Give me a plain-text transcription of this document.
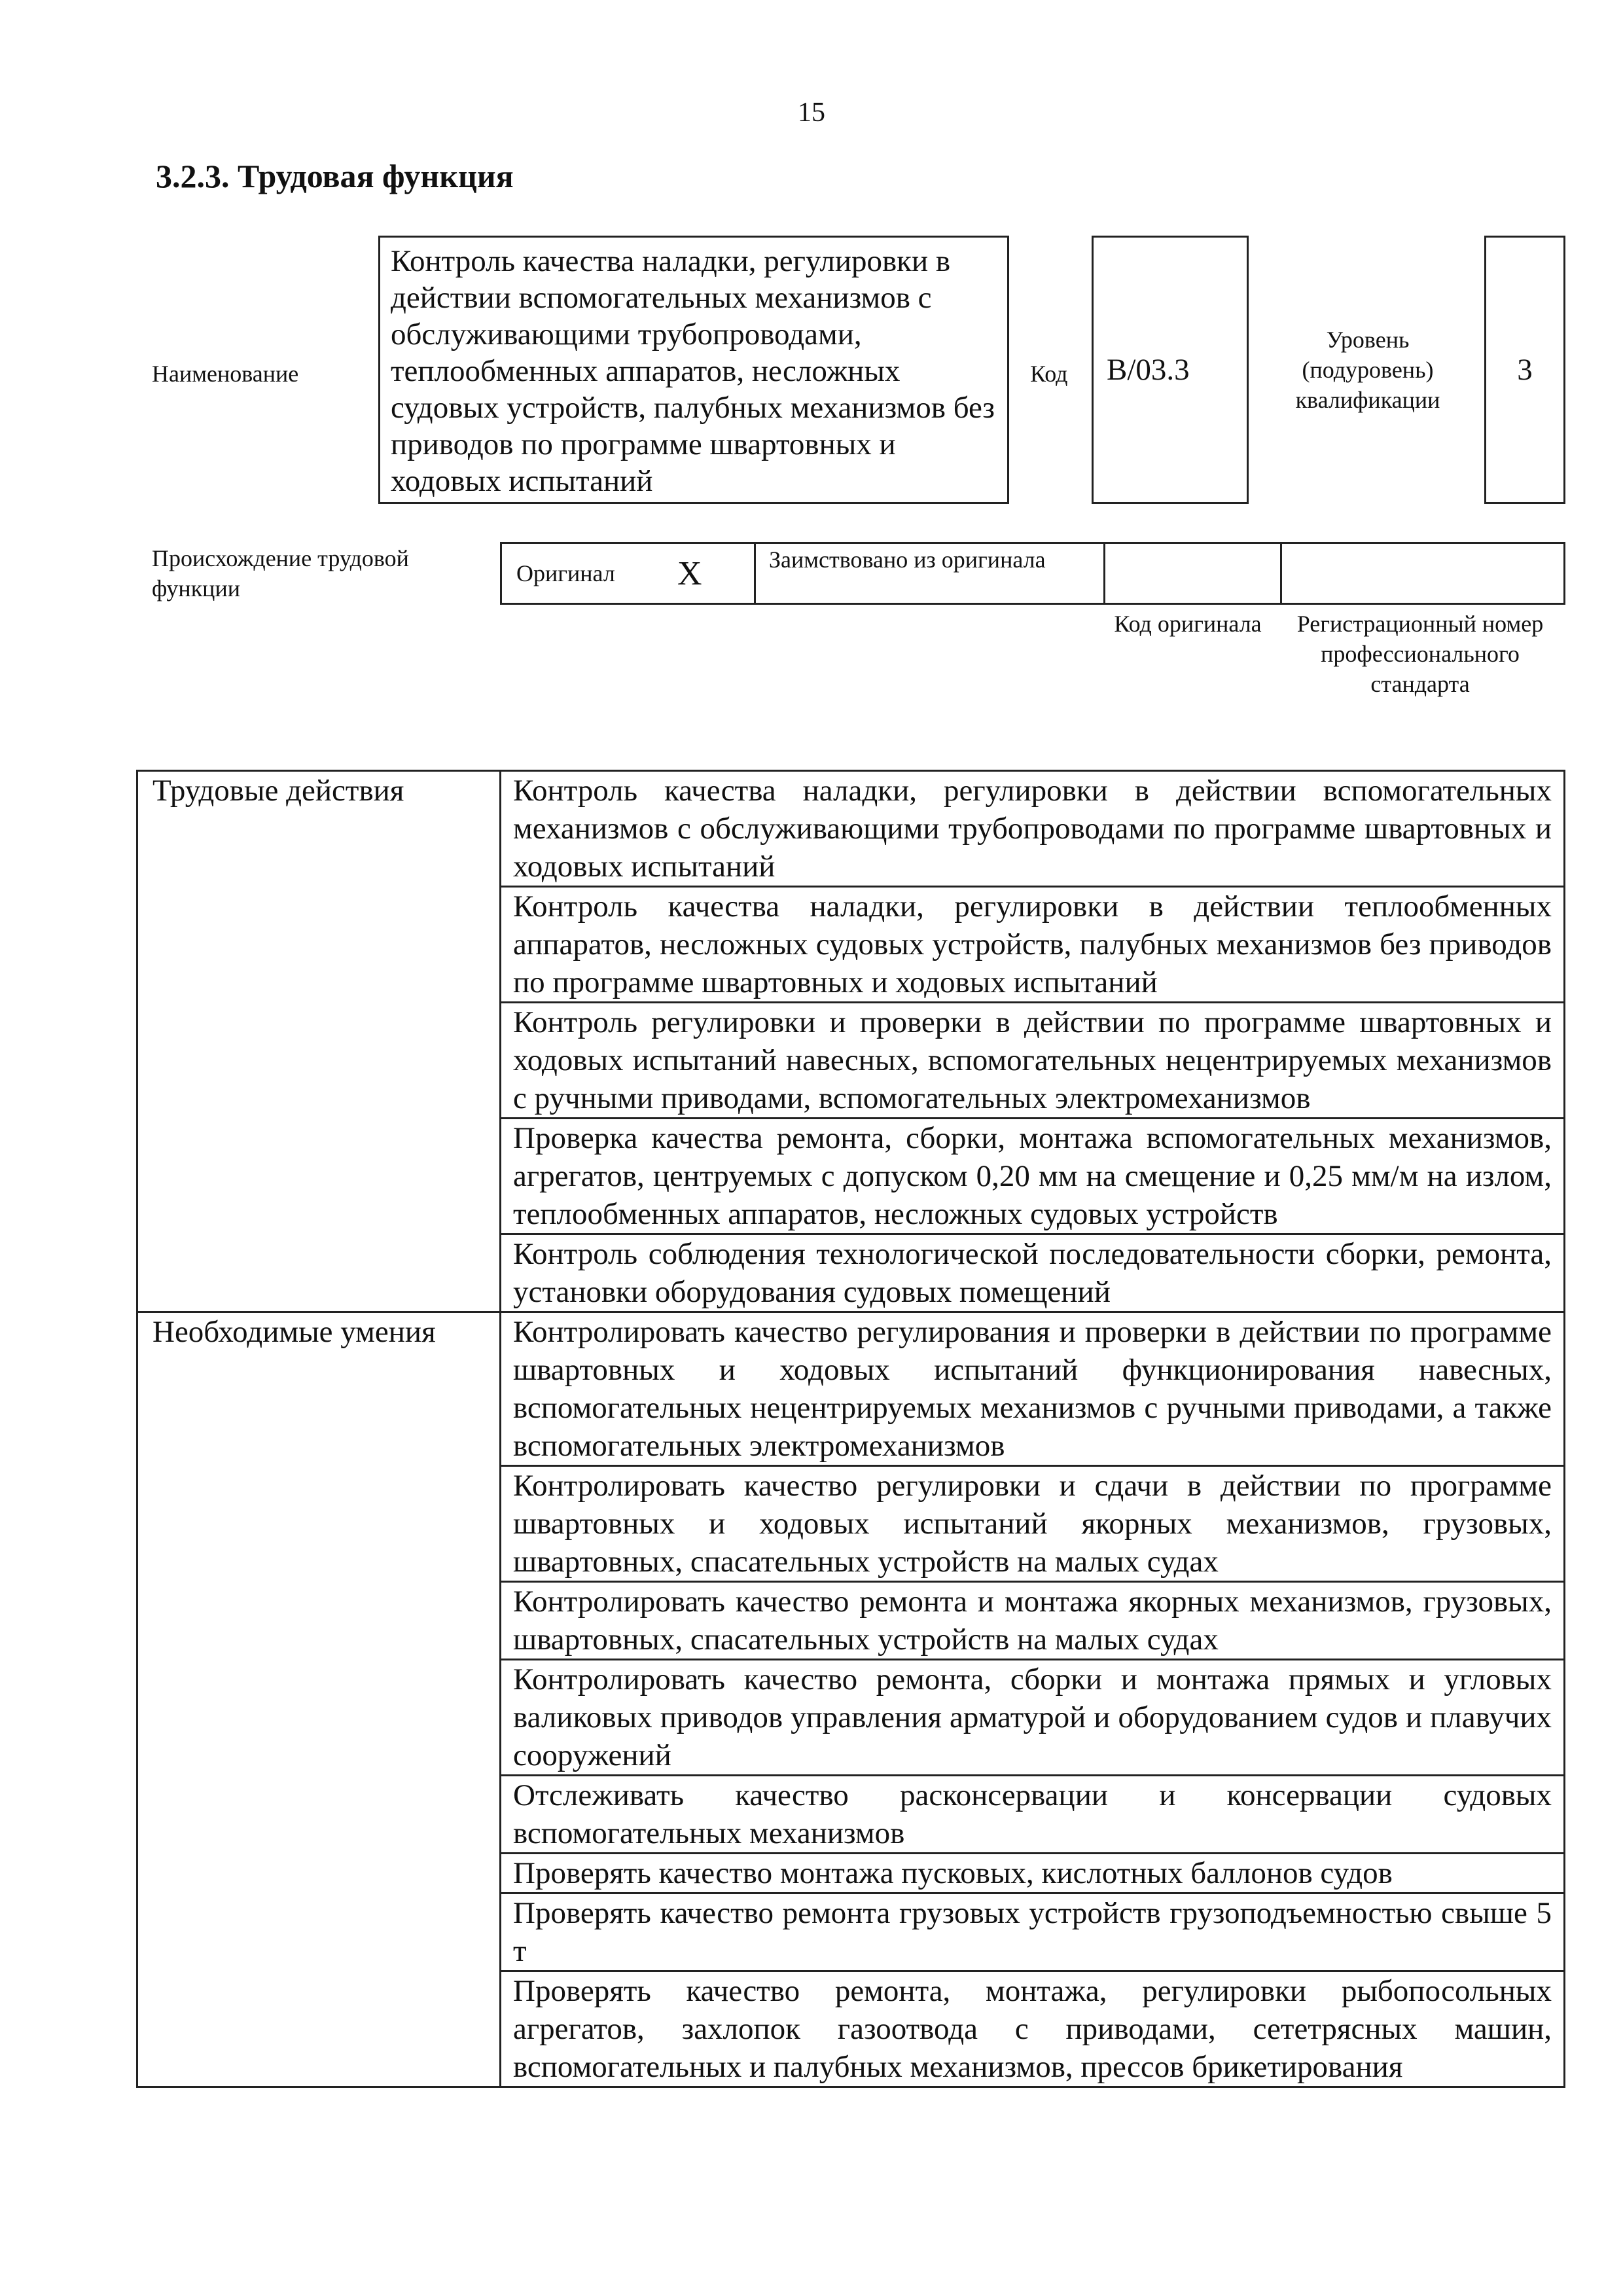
15
3.2.3. Трудовая функция
Наименование
Контроль качества наладки, регулировки в действии вспомогательных механизмов с обслуживающими трубопроводами, теплообменных аппаратов, несложных судовых устройств, палубных механизмов без приводов по программе швартовных и ходовых испытаний
Код B/03.3
Уровень (подуровень) квалификации
3
Происхождение трудовой функции
Оригинал X	Заимствовано из оригинала
Код оригинала	Регистрационный номер профессионального стандарта
Трудовые действия	Контроль качества наладки, регулировки в действии вспомогательных механизмов с обслуживающими трубопроводами по программе швартовных и ходовых испытаний
	Контроль качества наладки, регулировки в действии теплообменных аппаратов, несложных судовых устройств, палубных механизмов без приводов по программе швартовных и ходовых испытаний
	Контроль регулировки и проверки в действии по программе швартовных и ходовых испытаний навесных, вспомогательных нецентрируемых механизмов с ручными приводами, вспомогательных электромеханизмов
	Проверка качества ремонта, сборки, монтажа вспомогательных механизмов, агрегатов, центруемых с допуском 0,20 мм на смещение и 0,25 мм/м на излом, теплообменных аппаратов, несложных судовых устройств
	Контроль соблюдения технологической последовательности сборки, ремонта, установки оборудования судовых помещений
Необходимые умения	Контролировать качество регулирования и проверки в действии по программе швартовных и ходовых испытаний функционирования навесных, вспомогательных нецентрируемых механизмов с ручными приводами, а также вспомогательных электромеханизмов
	Контролировать качество регулировки и сдачи в действии по программе швартовных и ходовых испытаний якорных механизмов, грузовых, швартовных, спасательных устройств на малых судах
	Контролировать качество ремонта и монтажа якорных механизмов, грузовых, швартовных, спасательных устройств на малых судах
	Контролировать качество ремонта, сборки и монтажа прямых и угловых валиковых приводов управления арматурой и оборудованием судов и плавучих сооружений
	Отслеживать качество расконсервации и консервации судовых вспомогательных механизмов
	Проверять качество монтажа пусковых, кислотных баллонов судов
	Проверять качество ремонта грузовых устройств грузоподъемностью свыше 5 т
	Проверять качество ремонта, монтажа, регулировки рыбопосольных агрегатов, захлопок газоотвода с приводами, сететрясных машин, вспомогательных и палубных механизмов, прессов брикетирования
